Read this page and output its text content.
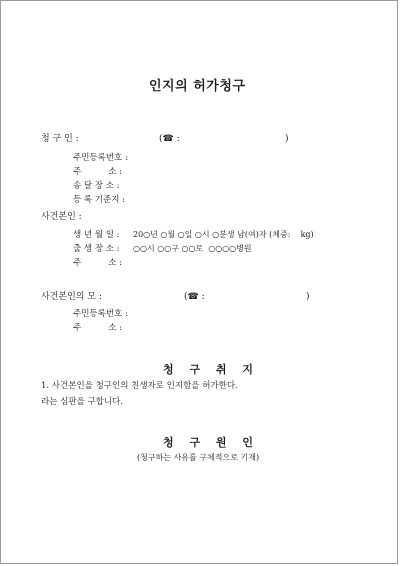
인지의 허가청구
청 구 인 :	(☎ :	)
주민등록번호 :
주          소 :
송 달 장 소 :
등 록 기준지 :
사건본인 :
생 년 월 일 : 20○년 ○월 ○일 ○시 ○분생 남(여)자 (체중:    kg)
출 생 장 소 : ○○시 ○○구 ○○로  ○○○○병원
주          소 :
사건본인의 모 :	(☎ :	)
주민등록번호 :
주          소 :
청 구 취 지
1. 사건본인을 청구인의 친생자로 인지함을 허가한다.
라는 심판을 구합니다.
청 구 원 인
(청구하는 사유를 구체적으로 기재)
